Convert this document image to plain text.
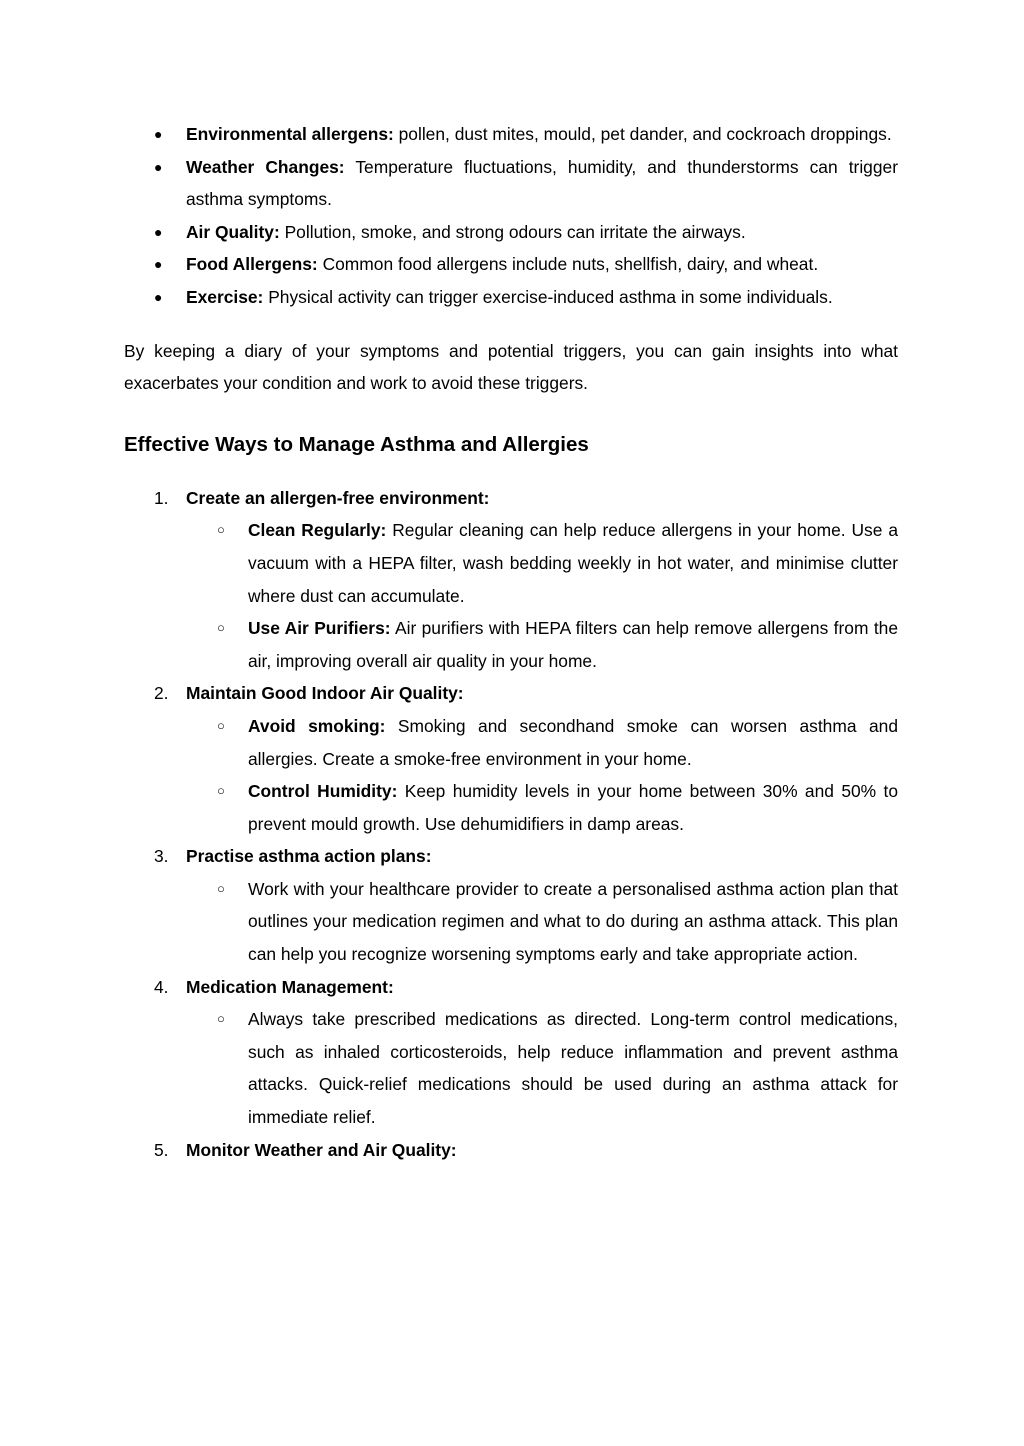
● Environmental allergens: pollen, dust mites, mould, pet dander, and cockroach droppings.
● Weather Changes: Temperature fluctuations, humidity, and thunderstorms can trigger asthma symptoms.
● Air Quality: Pollution, smoke, and strong odours can irritate the airways.
● Food Allergens: Common food allergens include nuts, shellfish, dairy, and wheat.
● Exercise: Physical activity can trigger exercise-induced asthma in some individuals.

By keeping a diary of your symptoms and potential triggers, you can gain insights into what exacerbates your condition and work to avoid these triggers.

Effective Ways to Manage Asthma and Allergies
1. Create an allergen-free environment:
○ Clean Regularly: Regular cleaning can help reduce allergens in your home. Use a vacuum with a HEPA filter, wash bedding weekly in hot water, and minimise clutter where dust can accumulate.
○ Use Air Purifiers: Air purifiers with HEPA filters can help remove allergens from the air, improving overall air quality in your home.
2. Maintain Good Indoor Air Quality:
○ Avoid smoking: Smoking and secondhand smoke can worsen asthma and allergies. Create a smoke-free environment in your home.
○ Control Humidity: Keep humidity levels in your home between 30% and 50% to prevent mould growth. Use dehumidifiers in damp areas.
3. Practise asthma action plans:
○ Work with your healthcare provider to create a personalised asthma action plan that outlines your medication regimen and what to do during an asthma attack. This plan can help you recognize worsening symptoms early and take appropriate action.
4. Medication Management:
○ Always take prescribed medications as directed. Long-term control medications, such as inhaled corticosteroids, help reduce inflammation and prevent asthma attacks. Quick-relief medications should be used during an asthma attack for immediate relief.
5. Monitor Weather and Air Quality:
